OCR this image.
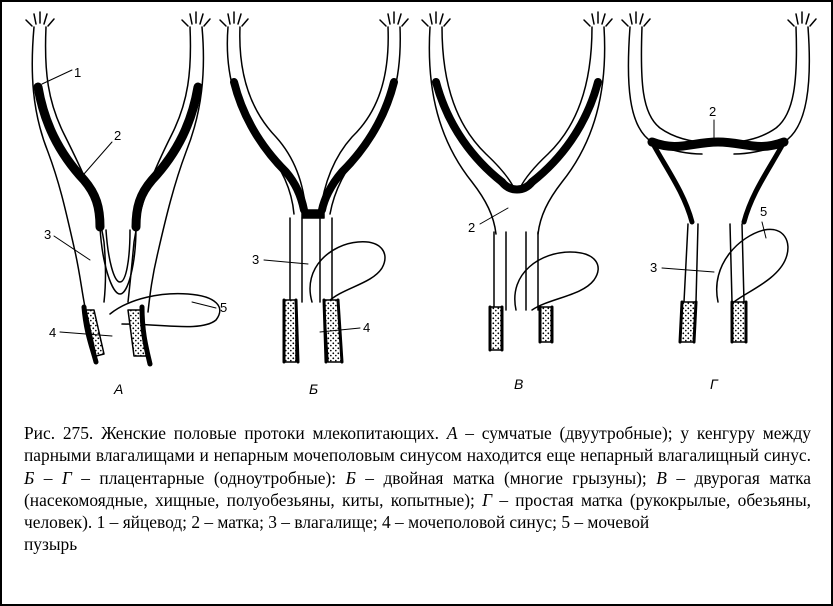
1
2
3
4
5
А
3
4
Б
2
В
2
5
3
Г
Рис. 275. Женские половые протоки млекопитающих. А – сумчатые (двуутробные); у кенгуру между парными влагалищами и непарным мочеполовым синусом находится еще непарный влагалищный синус. Б – Г – плацентарные (одноутробные): Б – двойная матка (многие грызуны); В – двурогая матка (насекомоядные, хищные, полуобезьяны, киты, копытные); Г – простая матка (рукокрылые, обезьяны, человек). 1 – яйцевод; 2 – матка; 3 – влагалище; 4 – мочеполовой синус; 5 – мочевой
пузырь
